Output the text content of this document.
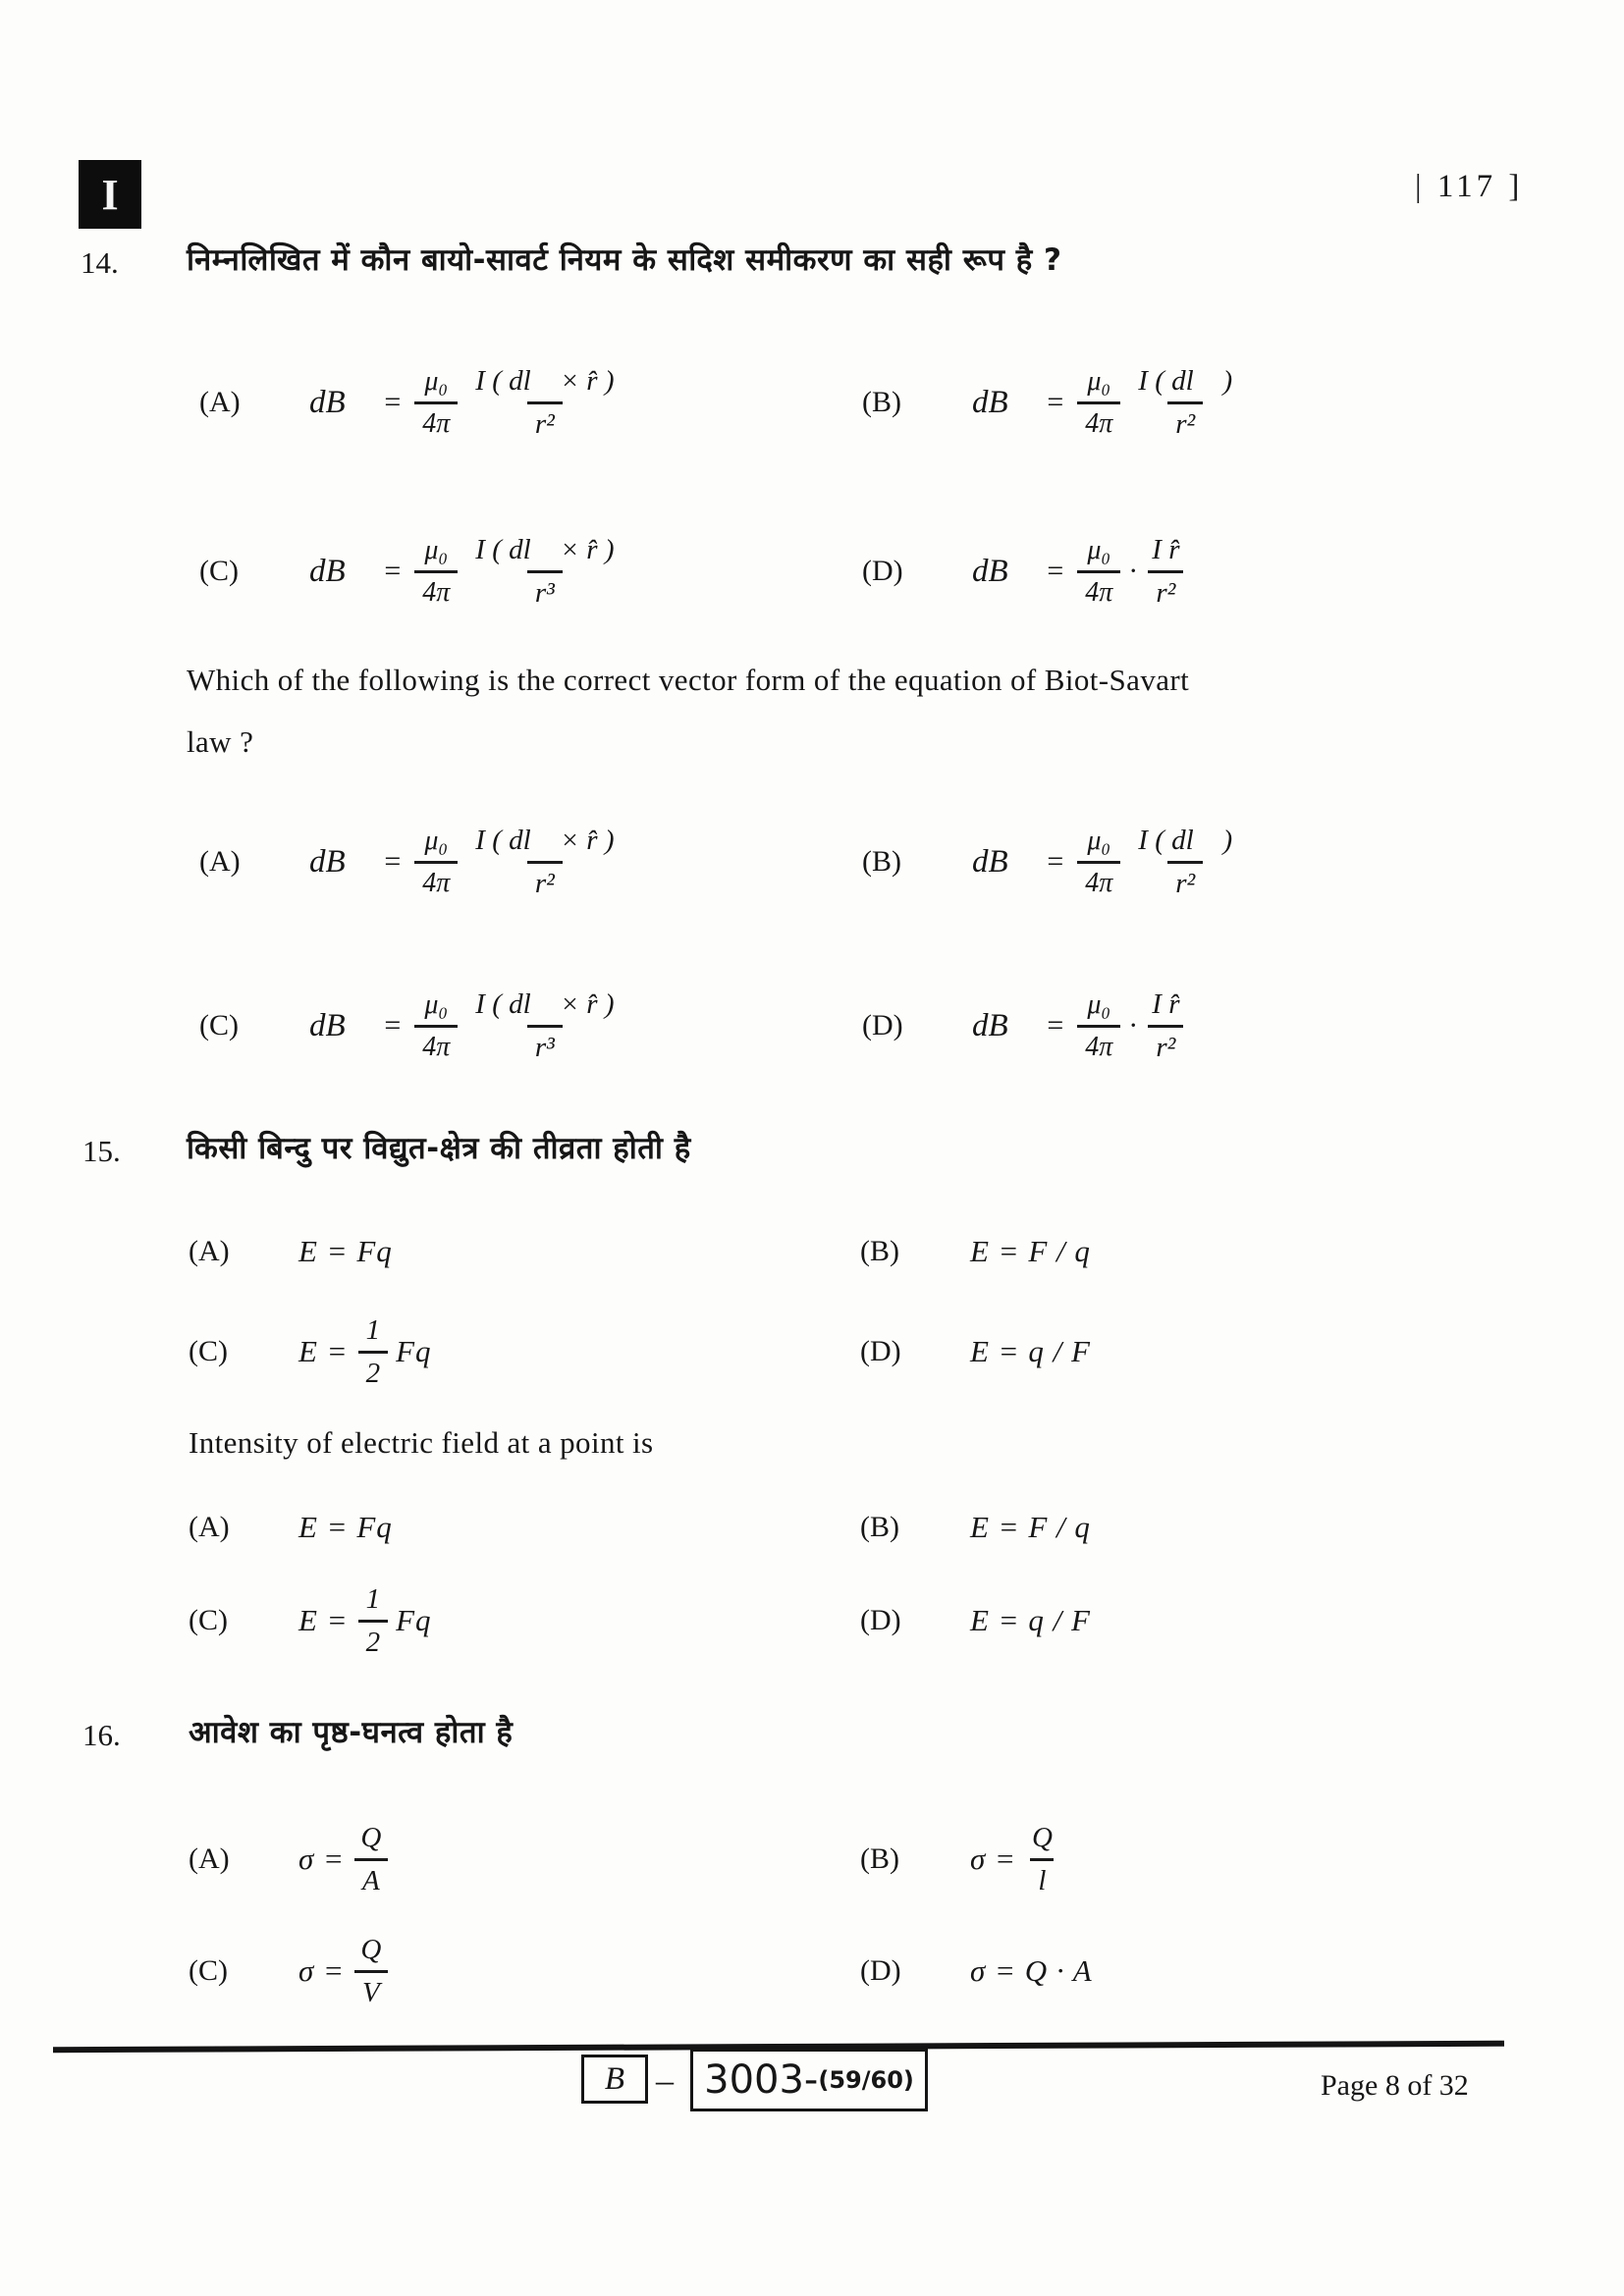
I	| 117 ]
14. निम्नलिखित में कौन बायो-सावर्ट नियम के सदिश समीकरण का सही रूप है ?
(A)	dB⃗ = $\frac{\text{μ₀}}{4\pi} \frac{I ( dl⃗ \times r̂ )}{\text{r²}}$	(B)	dB⃗ = $\frac{\text{μ₀}}{4\pi} \frac{I ( dl⃗ )}{\text{r²}}$
(C)	dB⃗ = $\frac{\text{μ₀}}{4\pi} \frac{I ( dl⃗ \times r̂ )}{\text{r³}}$	(D)	dB⃗ = $\frac{\text{μ₀}}{4\pi} \cdot \frac{\text{I r̂}}{\text{r²}}$
Which of the following is the correct vector form of the equation of Biot-Savart
law ?
(A)	dB⃗ = $\frac{\text{μ₀}}{4\pi} \frac{I ( dl⃗ \times r̂ )}{\text{r²}}$	(B)	dB⃗ = $\frac{\text{μ₀}}{4\pi} \frac{I ( dl⃗ )}{\text{r²}}$
(C)	dB⃗ = $\frac{\text{μ₀}}{4\pi} \frac{I ( dl⃗ \times r̂ )}{\text{r³}}$	(D)	dB⃗ = $\frac{\text{μ₀}}{4\pi} \cdot \frac{\text{I r̂}}{\text{r²}}$
15. किसी बिन्दु पर विद्युत-क्षेत्र की तीव्रता होती है
(A)	E = Fq	(B)	E = F / q
(C)	$E = \frac{1}{2}$ Fq	(D)	E = q / F
Intensity of electric field at a point is
(A)	E = Fq	(B)	E = F / q
(C)	$E = \frac{1}{2}$ Fq	(D)	E = q / F
16. आवेश का पृष्ठ-घनत्व होता है
(A)	$\sigma = \frac{Q}{A}$	(B)	$\sigma = \frac{Q}{l}$
(C)	$\sigma = \frac{Q}{V}$	(D)	σ = Q · A
B – 3003- (59/60)	Page 8 of 32
